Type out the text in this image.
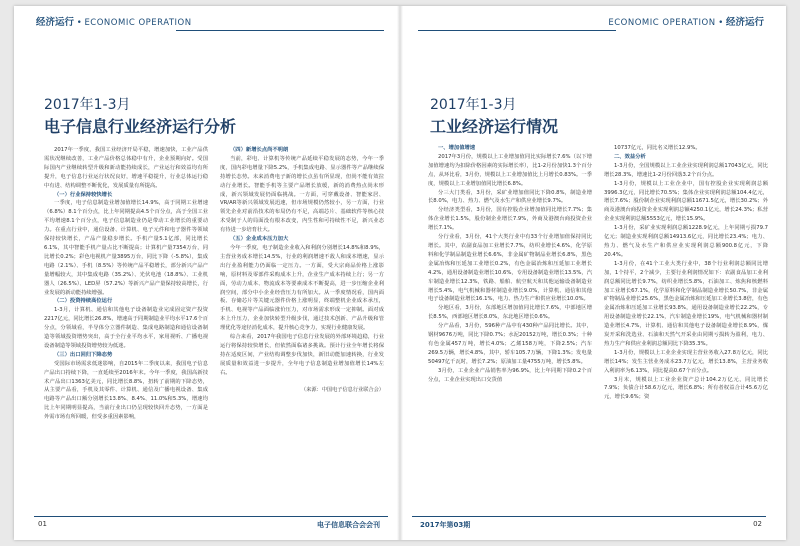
经济运行 • ECONOMIC OPERATION
2017年1-3月
电子信息行业经济运行分析

2017年一季度，我国工业经济开局平稳，增速加快，工业产品供需状况继续改善，工业产品价格总体稳中有升，企业预期向好。受国际国内产业继续转型升级和新动能持续成长，产业运行和效益均有所提升，电子信息行业运行状况良好，增速平稳提升，行业总体运行稳中有进、结构调整不断优化，发展质量有所提高。

（一）行业保持较快增长

一季度，电子信息制造业增加值增长14.9%，高于同期工业增速（6.8%）8.1个百分点，比上年同期提高4.5个百分点，高于全国工业平均增速8.1个百分点，电子信息制造业仍是带动工业增长的重要动力。在重点行业中，通信设备、计算机、电子元件和电子器件等领域保持较快增长，产品产量稳步增长。手机产量5.1亿部，同比增长6.1%，其中智能手机产量占比不断提高；计算机产量7354万台，同比增长0.2%；彩色电视机产量3895万台，同比下降（-5.8%），集成电路（2.1%）、手机（8.5%）等传统产品平稳增长，部分新兴产品产量增幅较大，其中集成电路（35.2%）、光伏电池（18.8%）、工业机器人（26.5%）、LED屏（57.2%）等新兴产品产量保持较高增长，行业发展的新动能持续增强。

（二）投资持续高位运行

1-3月，计算机、通信和其他电子设备制造业完成固定资产投资2217亿元，同比增长26.8%，增速高于同期制造业平均水平17.6个百分点，分领域看，半导体分立器件制造、集成电路制造和通信设备制造等领域投资增势突出，高于全行业平均水平，家用视听、广播电视设备制造等领域投资增势较为低迷。

（三）出口回归下降态势

受国际市场需求低迷影响，自2015年二季度以来，我国电子信息产品出口持续下降，一直延续至2016年末。今年一季度，我国高新技术产品出口1363亿美元，同比增长8.8%，扭转了前期的下降态势，从主要产品看，手机及其零件、计算机、通信及广播电视设备、集成电路等产品出口额分别增长13.8%、8.4%、11.0%和5.3%，增速均比上年同期明显提高，当前行业出口仍呈现较快回升态势，一方面是外需市场有所回暖，但受多重因素影响，

（四）新增长点尚不明朗

当前，彩电、计算机等传统产品延续平稳发展的态势，今年一季度，国内彩电增量下降5.2%，手机集成电路、显示器件等产品继续保持增长态势。未来消费电子新的增长点虽有所显现，但尚不能有效拉动行业增长。智能手机等主要产品增长放缓，新的消费热点尚未形成，新兴领域发展仍面临挑战。一方面，可穿戴设备、智能家居、VR/AR等新兴领域发展迅速，但市场规模仍然较小，另一方面，行业领先企业对前沿技术的布局仍有不足，高端芯片、基础软件等核心技术受制于人的局面没有根本改变，内生性和可持续性不足，新兴业态有待进一步培育壮大。

（五）企业成本压力加大

今年一季度，电子制造企业收入和利润分别增长14.8%和8.9%，主营业务成本增长14.5%，行业的利润增速不敌人和成本增速，显示出行业盈利能力仍面临一定压力。一方面，受大宗商品价格上涨影响，原材料及零部件采购成本上升，企业生产成本持续上行；另一方面，劳动力成本、物流成本等要素成本不断提高，进一步压缩企业利润空间，部分中小企业经营压力有所加大。从一季度情况看，国内面板、存储芯片等关键元器件价格上涨明显，终端整机企业成本承压，手机、电视等产品面临涨价压力，对市场需求形成一定抑制。面对成本上升压力，企业加快转型升级步伐，通过技术创新、产品升级和管理优化等途径消化成本，提升核心竞争力，实现行业健康发展。

综合来看，2017年我国电子信息行业发展的外部环境趋稳，行业运行将保持较快增长，但依然面临诸多挑战。预计行业全年增长将保持在适度区间，产业结构调整步伐加快，新旧动能加速转换，行业发展质量和效益进一步提升，全年电子信息制造业增加值增长14%左右。

（来源：中国电子信息行业联合会）
01	电子信息联合会会刊
ECONOMIC OPERATION • 经济运行
2017年1-3月
工业经济运行情况

一、增加值增速

2017年3月份，规模以上工业增加值同比实际增长7.6%（以下增加值增速均为扣除价格因素的实际增长率），比1-2月份加快1.3个百分点，从环比看，3月份，规模以上工业增加值比上月增长0.83%。一季度，规模以上工业增加值同比增长6.8%。

分三大门类看，3月份，采矿业增加值同比下降0.8%，制造业增长8.0%，电力、热力、燃气及水生产和供应业增长9.7%。

分经济类型看，3月份，国有控股企业增加值同比增长7.7%；集体企业增长1.5%，股份制企业增长7.9%，外商及港澳台商投资企业增长7.1%。

分行业看，3月份，41个大类行业中有33个行业增加值保持同比增长。其中，农副食品加工业增长7.7%，纺织业增长4.6%，化学原料和化学制品制造业增长6.6%，非金属矿物制品业增长6.8%，黑色金属冶炼和压延加工业增长0.2%，有色金属冶炼和压延加工业增长4.2%，通用设备制造业增长10.6%，专用设备制造业增长13.5%，汽车制造业增长12.3%，铁路、船舶、航空航天和其他运输设备制造业增长5.4%，电气机械和器材制造业增长9.0%，计算机、通信和其他电子设备制造业增长16.1%，电力、热力生产和供应业增长10.0%。

分地区看，3月份，东部地区增加值同比增长7.6%，中部地区增长8.5%，西部地区增长8.0%，东北地区增长0.6%。

分产品看，3月份，596种产品中有430种产品同比增长。其中，钢材9676万吨，同比下降0.7%；水泥20152万吨，增长0.3%；十种有色金属457万吨，增长4.0%；乙烯158万吨，下降2.5%；汽车269.5万辆，增长4.8%，其中，轿车105.7万辆，下降1.3%；发电量50497亿千瓦时，增长7.2%；原油加工量4755万吨，增长5.8%。

3月份，工业企业产品销售率为96.9%，比上年同期下降0.2个百分点，工业企业实现出口交货值

10737亿元，同比名义增长12.9%。

二、效益分析

1-3月份，全国规模以上工业企业实现利润总额17043亿元，同比增长28.3%，增速比1-2月份回落3.2个百分点。

1-3月份，规模以上工业企业中，国有控股企业实现利润总额3996.3亿元，同比增长70.5%；集体企业实现利润总额104.4亿元，增长7.6%；股份制企业实现利润总额11671.5亿元，增长30.2%；外商及港澳台商投资企业实现利润总额4250.1亿元，增长24.3%；私营企业实现利润总额5553亿元，增长15.9%。

1-3月份，采矿业实现利润总额1228.9亿元，上年同期亏损79.7亿元；制造业实现利润总额14913.6亿元，同比增长23.4%；电力、热力、燃气及水生产和供应业实现利润总额900.8亿元，下降20.4%。

1-3月份，在41个工业大类行业中，38个行业利润总额同比增加，1个持平，2个减少，主要行业利润情况如下：农副食品加工业利润总额同比增长9.7%，纺织业增长5.8%，石油加工、炼焦和核燃料加工业增长67.1%，化学原料和化学制品制造业增长50.7%，非金属矿物制品业增长25.6%，黑色金属冶炼和压延加工业增长3.8倍，有色金属冶炼和压延加工业增长93.8%，通用设备制造业增长22.2%，专用设备制造业增长22.1%，汽车制造业增长19%，电气机械和器材制造业增长4.7%，计算机、通信和其他电子设备制造业增长8.9%，煤炭开采和洗选业、石油和天然气开采业由同期亏损转为盈利，电力、热力生产和供应业利润总额同比下降35.3%。

1-3月份，规模以上工业企业实现主营业务收入27.8万亿元，同比增长14%；发生主营业务成本23.7万亿元，增长13.8%，主营业务收入利润率为6.13%，同比提高0.67个百分点。

3月末，规模以上工业企业资产总计104.2万亿元，同比增长7.9%；负债合计58.6万亿元，增长6.8%；所有者权益合计45.6万亿元，增长9.6%；资

2017年第03期	02
